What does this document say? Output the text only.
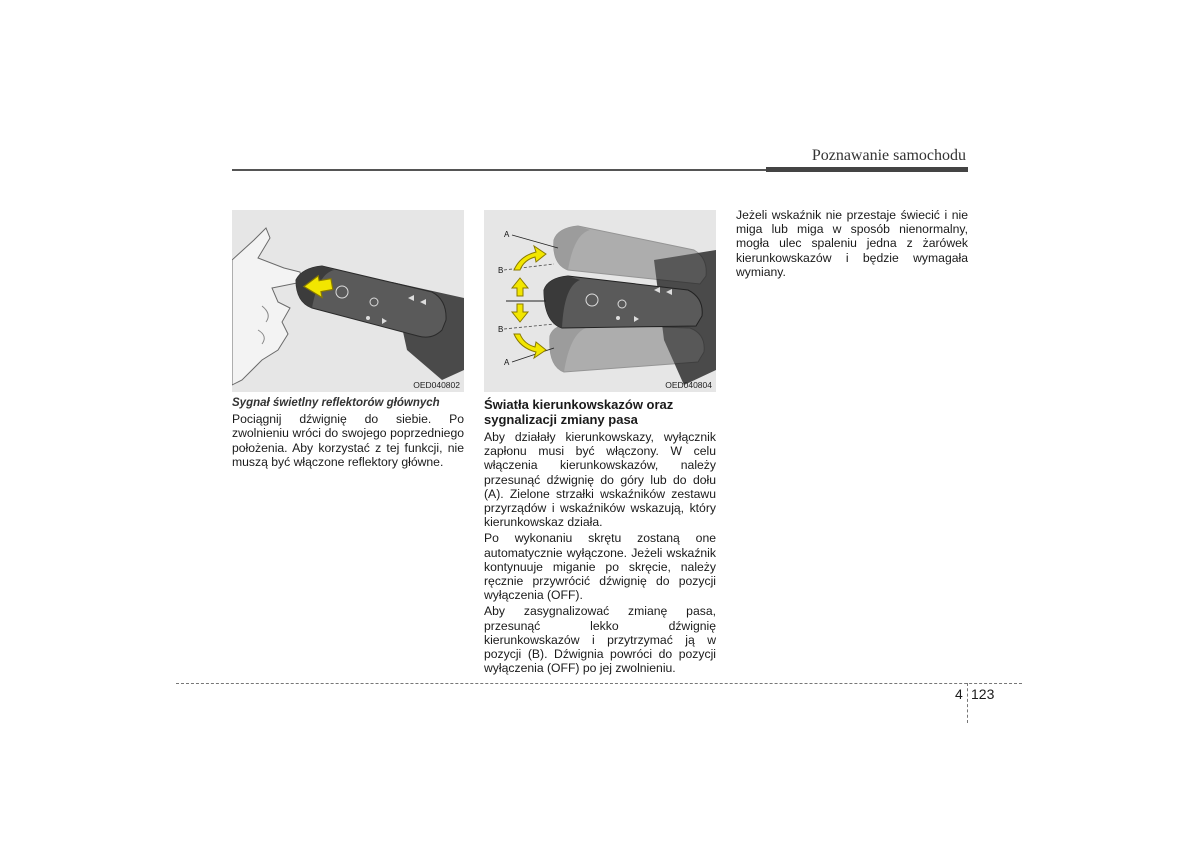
Poznawanie samochodu
OED040802

Sygnał świetlny reflektorów głównych

Pociągnij dźwignię do siebie. Po zwolnieniu wróci do swojego poprzedniego położenia. Aby korzystać z tej funkcji, nie muszą być włączone reflektory główne.

A
B
B
A
OED040804

Światła kierunkowskazów oraz sygnalizacji zmiany pasa

Aby działały kierunkowskazy, wyłącznik zapłonu musi być włączony. W celu włączenia kierunkowskazów, należy przesunąć dźwignię do góry lub do dołu (A). Zielone strzałki wskaźników zestawu przyrządów i wskaźników wskazują, który kierunkowskaz działa.

Po wykonaniu skrętu zostaną one automatycznie wyłączone. Jeżeli wskaźnik kontynuuje miganie po skręcie, należy ręcznie przywrócić dźwignię do pozycji wyłączenia (OFF).

Aby zasygnalizować zmianę pasa, przesunąć lekko dźwignię kierunkowskazów i przytrzymać ją w pozycji (B). Dźwignia powróci do pozycji wyłączenia (OFF) po jej zwolnieniu.

Jeżeli wskaźnik nie przestaje świecić i nie miga lub miga w sposób nienormalny, mogła ulec spaleniu jedna z żarówek kierunkowskazów i będzie wymagała wymiany.

4 123
